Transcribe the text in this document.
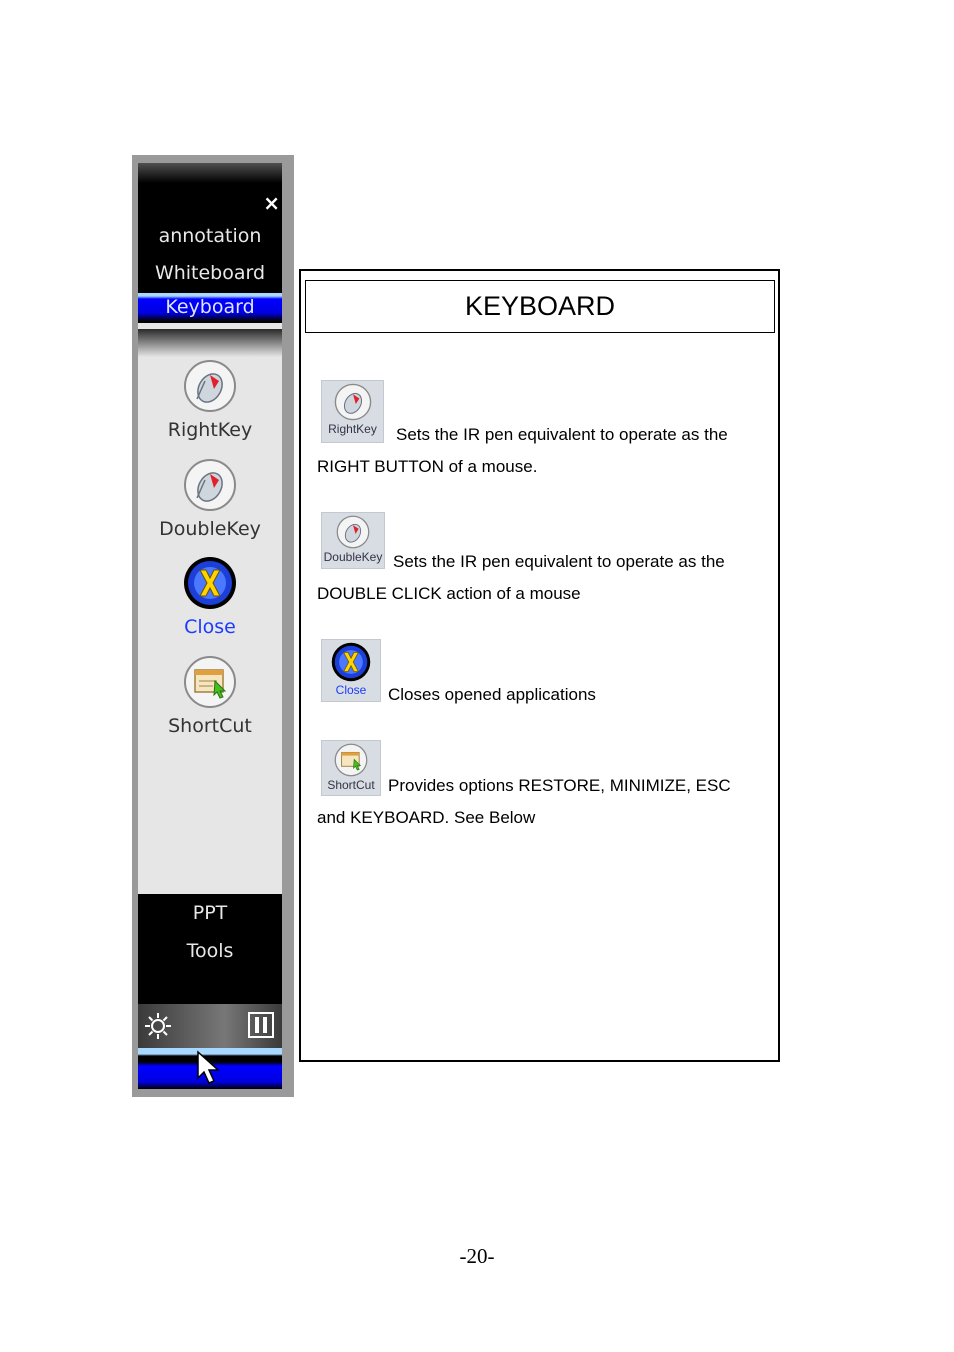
×
annotation
Whiteboard
Keyboard
RightKey
DoubleKey
Close
ShortCut
PPT
Tools
KEYBOARD
RightKey	Sets the IR pen equivalent to operate as the
RIGHT BUTTON of a mouse.
DoubleKey Sets the IR pen equivalent to operate as the
DOUBLE CLICK action of a mouse
Close	Closes opened applications
ShortCut Provides options RESTORE, MINIMIZE, ESC
and KEYBOARD. See Below
-20-
